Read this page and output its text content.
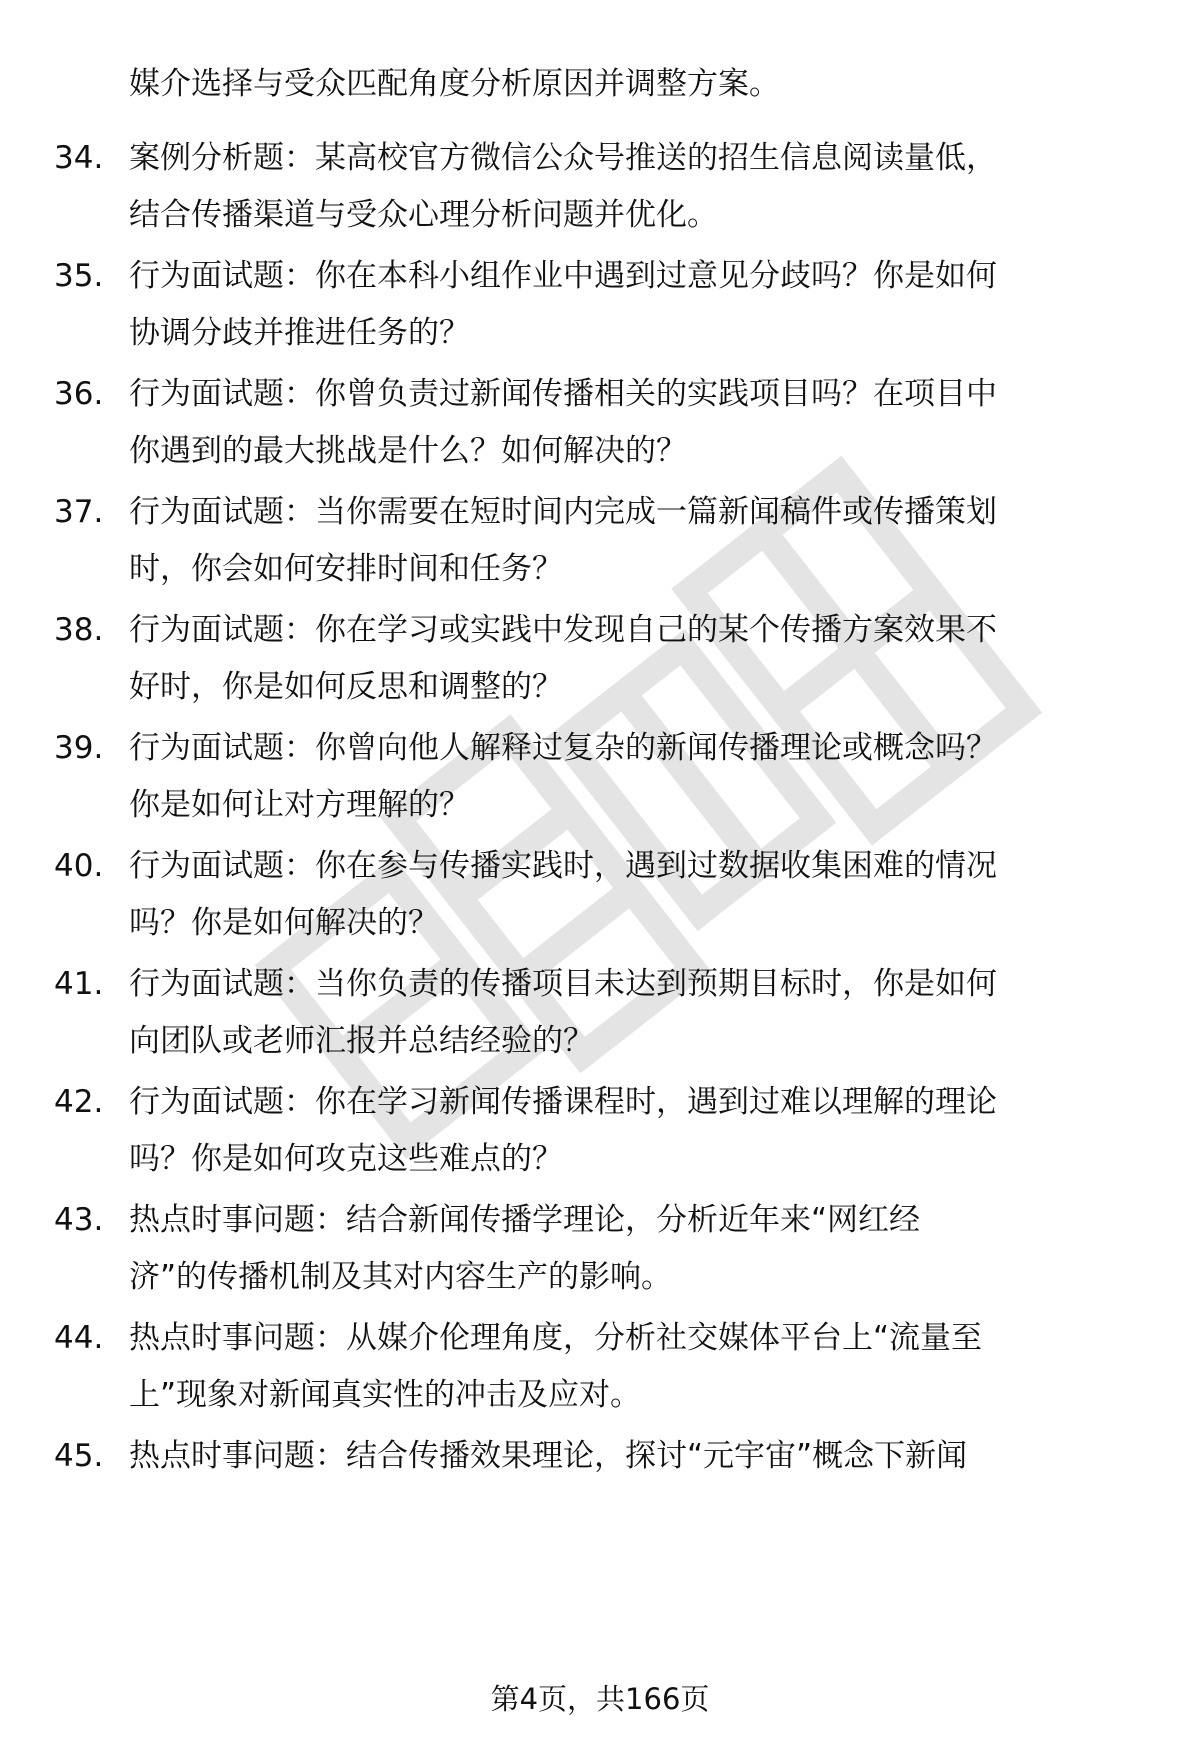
媒介选择与受众匹配角度分析原因并调整方案。
34. 案例分析题：某高校官方微信公众号推送的招生信息阅读量低，
结合传播渠道与受众心理分析问题并优化。
35. 行为面试题：你在本科小组作业中遇到过意见分歧吗？你是如何
协调分歧并推进任务的？
36. 行为面试题：你曾负责过新闻传播相关的实践项目吗？在项目中
你遇到的最大挑战是什么？如何解决的？
37. 行为面试题：当你需要在短时间内完成一篇新闻稿件或传播策划
时，你会如何安排时间和任务？
38. 行为面试题：你在学习或实践中发现自己的某个传播方案效果不
好时，你是如何反思和调整的？
39. 行为面试题：你曾向他人解释过复杂的新闻传播理论或概念吗？
你是如何让对方理解的？
40. 行为面试题：你在参与传播实践时，遇到过数据收集困难的情况
吗？你是如何解决的？
41. 行为面试题：当你负责的传播项目未达到预期目标时，你是如何
向团队或老师汇报并总结经验的？
42. 行为面试题：你在学习新闻传播课程时，遇到过难以理解的理论
吗？你是如何攻克这些难点的？
43. 热点时事问题：结合新闻传播学理论，分析近年来“网红经
济”的传播机制及其对内容生产的影响。
44. 热点时事问题：从媒介伦理角度，分析社交媒体平台上“流量至
上”现象对新闻真实性的冲击及应对。
45. 热点时事问题：结合传播效果理论，探讨“元宇宙”概念下新闻
第4页，共166页
